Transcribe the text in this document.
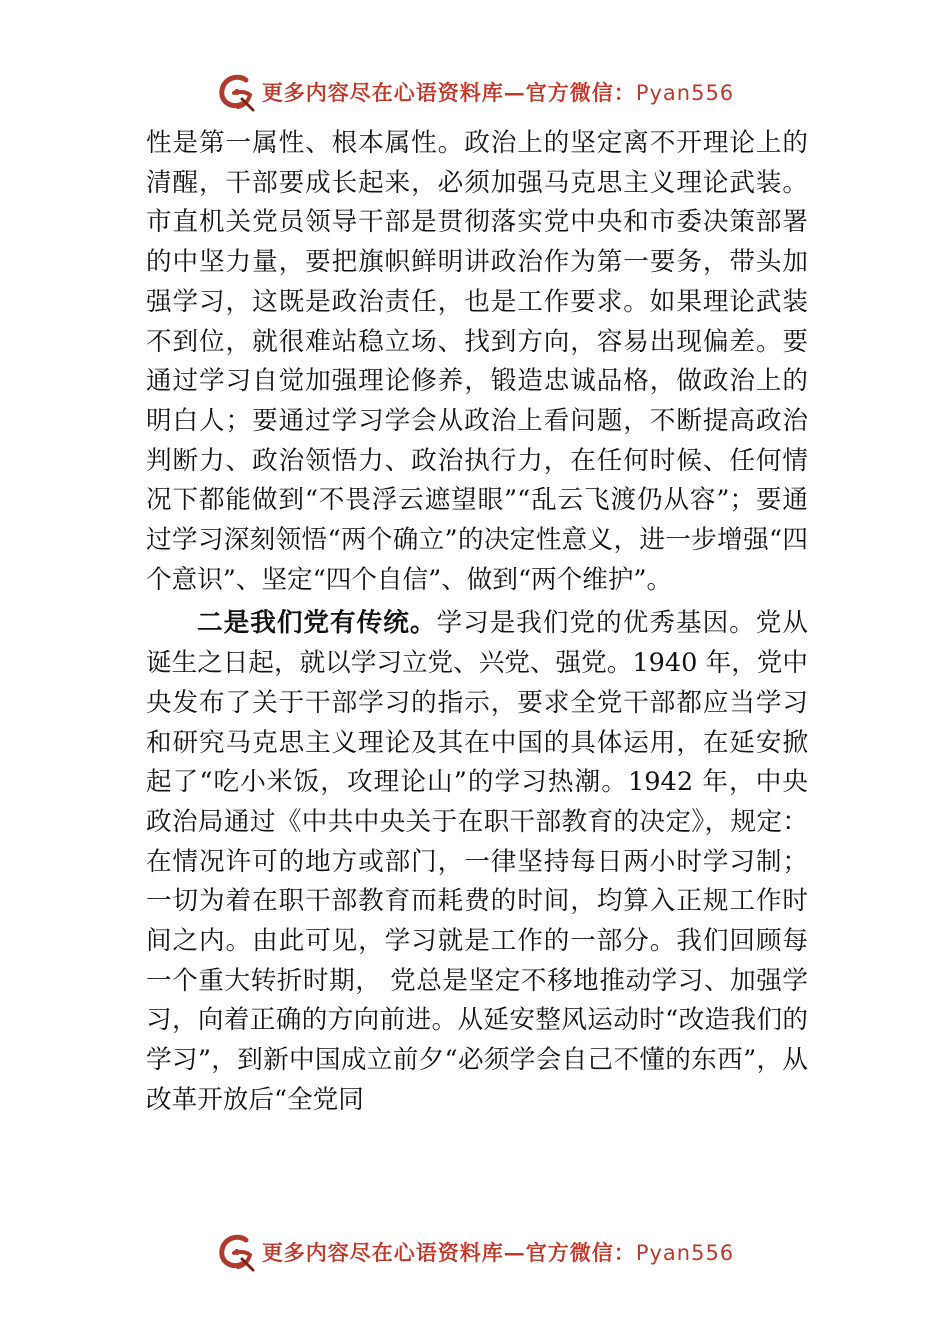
更多内容尽在心语资料库—官方微信：Pyan556

性是第一属性、根本属性。政治上的坚定离不开理论上的清醒，干部要成长起来，必须加强马克思主义理论武装。市直机关党员领导干部是贯彻落实党中央和市委决策部署的中坚力量，要把旗帜鲜明讲政治作为第一要务，带头加强学习，这既是政治责任，也是工作要求。如果理论武装不到位，就很难站稳立场、找到方向，容易出现偏差。要通过学习自觉加强理论修养，锻造忠诚品格，做政治上的明白人；要通过学习学会从政治上看问题，不断提高政治判断力、政治领悟力、政治执行力，在任何时候、任何情况下都能做到“不畏浮云遮望眼”“乱云飞渡仍从容”；要通过学习深刻领悟“两个确立”的决定性意义，进一步增强“四个意识”、坚定“四个自信”、做到“两个维护”。

二是我们党有传统。学习是我们党的优秀基因。党从诞生之日起，就以学习立党、兴党、强党。1940 年，党中央发布了关于干部学习的指示，要求全党干部都应当学习和研究马克思主义理论及其在中国的具体运用，在延安掀起了“吃小米饭，攻理论山”的学习热潮。1942 年，中央政治局通过《中共中央关于在职干部教育的决定》，规定：在情况许可的地方或部门，一律坚持每日两小时学习制；一切为着在职干部教育而耗费的时间，均算入正规工作时间之内。由此可见，学习就是工作的一部分。我们回顾每一个重大转折时期， 党总是坚定不移地推动学习、加强学习，向着正确的方向前进。从延安整风运动时“改造我们的学习”，到新中国成立前夕“必须学会自己不懂的东西”，从改革开放后“全党同

更多内容尽在心语资料库—官方微信：Pyan556
